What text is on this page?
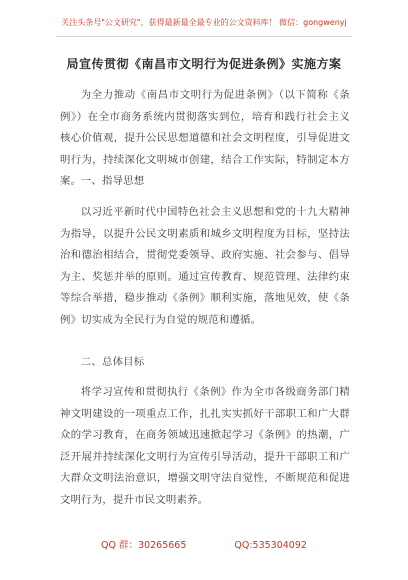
关注头条号"公文研究"，获得最新最全最专业的公文资料库！ 微信：gongwenyj
局宣传贯彻《南昌市文明行为促进条例》实施方案
为全力推动《南昌市文明行为促进条例》（以下简称《条例》）在全市商务系统内贯彻落实到位，培育和践行社会主义核心价值观，提升公民思想道德和社会文明程度，引导促进文明行为，持续深化文明城市创建，结合工作实际，特制定本方案。 一、指导思想
以习近平新时代中国特色社会主义思想和党的十九大精神为指导，以提升公民文明素质和城乡文明程度为目标，坚持法治和德治相结合，贯彻党委领导、政府实施、社会参与、倡导为主、奖惩并举的原则。通过宣传教育、规范管理、法律约束等综合举措，稳步推动《条例》顺利实施，落地见效，使《条例》切实成为全民行为自觉的规范和遵循。
二、总体目标
将学习宣传和贯彻执行《条例》作为全市各级商务部门精神文明建设的一项重点工作，扎扎实实抓好干部职工和广大群众的学习教育，在商务领域迅速掀起学习《条例》的热潮，广泛开展并持续深化文明行为宣传引导活动，提升干部职工和广大群众文明法治意识，增强文明守法自觉性，不断规范和促进文明行为，提升市民文明素养。
QQ 群：30265665	QQ:535304092
